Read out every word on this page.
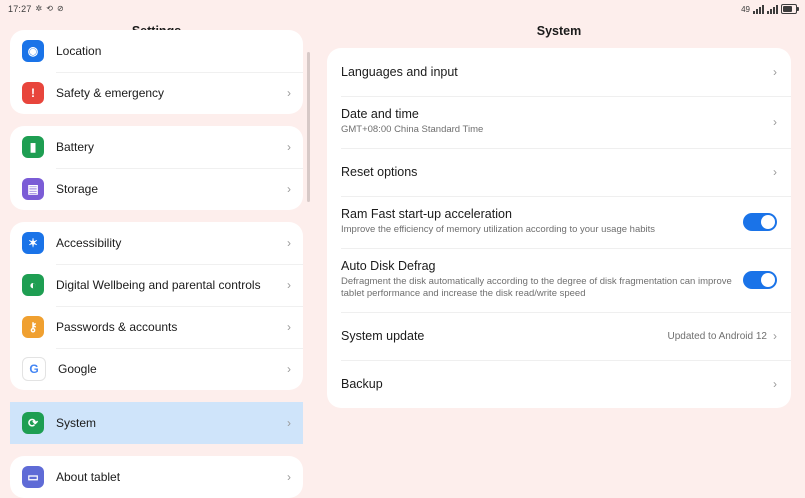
17:27 ✲ ⟲ ⊘	49
◉	Location
!	Safety & emergency	›
▮	Battery	›
▤	Storage	›
✶	Accessibility	›
◐	Digital Wellbeing and parental controls	›
⚷	Passwords & accounts	›
G	Google	›
⟳	System	›
▭	About tablet	›
System
Languages and input	›
Date and time
GMT+08:00 China Standard Time
›
Reset options	›
Ram Fast start-up acceleration
Improve the efficiency of memory utilization according to your usage habits
Auto Disk Defrag
Defragment the disk automatically according to the degree of disk fragmentation can improve tablet performance and increase the disk read/write speed
System update	Updated to Android 12 ›
Backup	›
